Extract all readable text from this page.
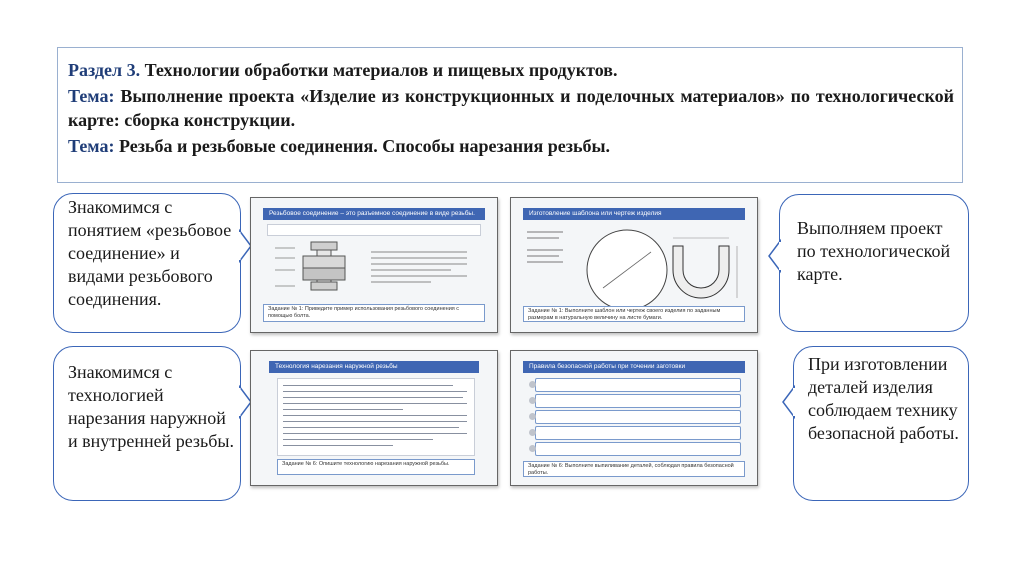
Раздел 3. Технологии обработки материалов и пищевых продуктов.

Тема: Выполнение проекта «Изделие из конструкционных и поделочных материалов» по технологической карте: сборка конструкции.

Тема: Резьба и резьбовые соединения. Способы нарезания резьбы.

Знакомимся с понятием «резьбовое соединение» и видами резьбового соединения.
Знакомимся с технологией нарезания наружной и внутренней резьбы.
Выполняем проект по технологической карте.
При изготовлении деталей изделия соблюдаем технику безопасной работы.
Резьбовое соединение – это разъемное соединение в виде резьбы.
Задание № 1: Приведите пример использования резьбового соединения с помощью болта.
Изготовление шаблона или чертеж изделия
Задание № 1: Выполните шаблон или чертеж своего изделия по заданным размерам в натуральную величину на листе бумаги.
Технология нарезания наружной резьбы
Задание № 6: Опишите технологию нарезания наружной резьбы.
Правила безопасной работы при точении заготовки
Задание № 6: Выполните выпиливание деталей, соблюдая правила безопасной работы.
